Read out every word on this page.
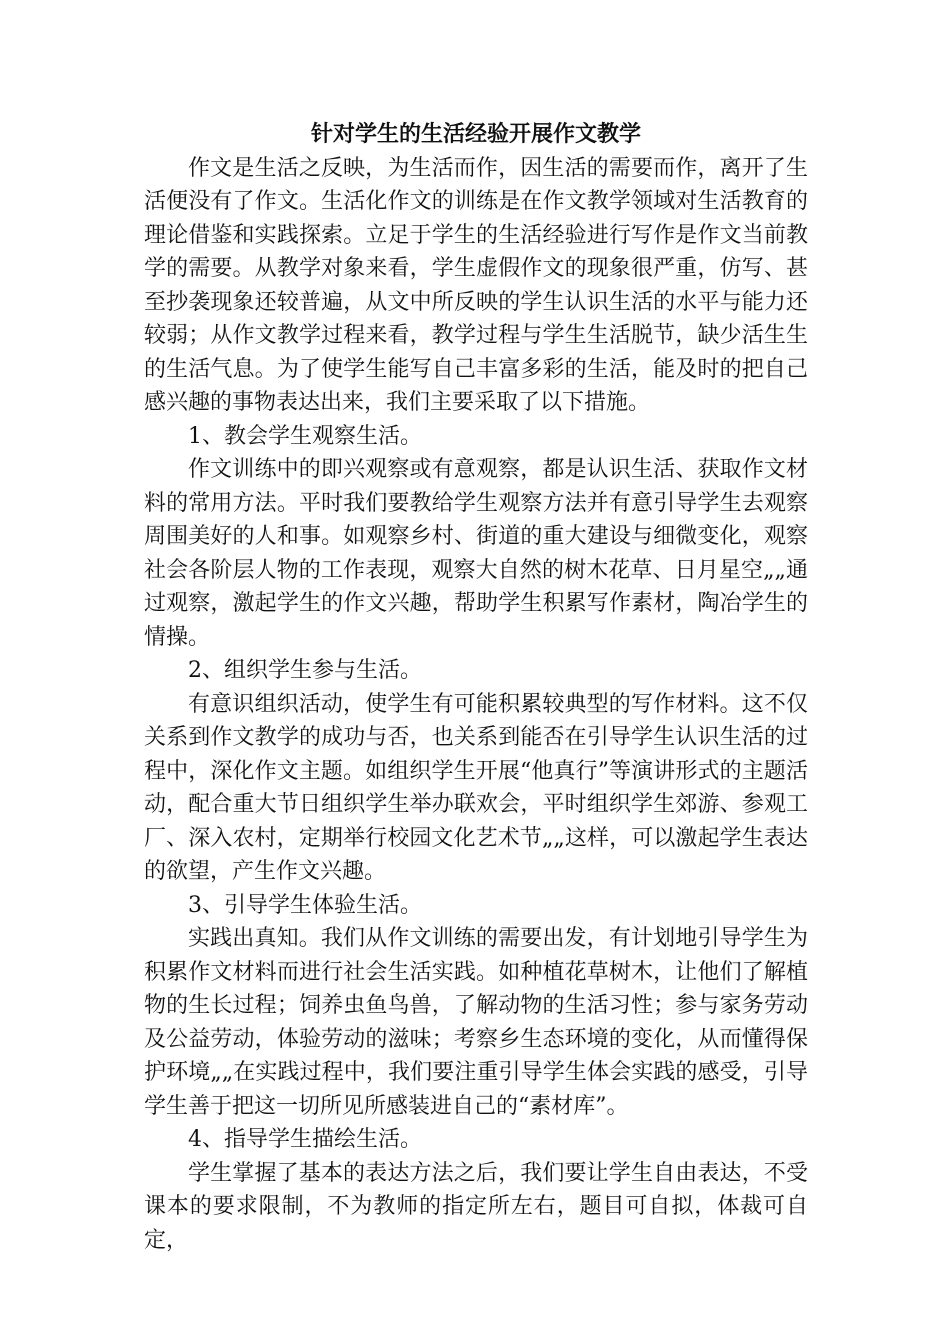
针对学生的生活经验开展作文教学

作文是生活之反映，为生活而作，因生活的需要而作，离开了生活便没有了作文。生活化作文的训练是在作文教学领域对生活教育的理论借鉴和实践探索。立足于学生的生活经验进行写作是作文当前教学的需要。从教学对象来看，学生虚假作文的现象很严重，仿写、甚至抄袭现象还较普遍，从文中所反映的学生认识生活的水平与能力还较弱；从作文教学过程来看，教学过程与学生生活脱节，缺少活生生的生活气息。为了使学生能写自己丰富多彩的生活，能及时的把自己感兴趣的事物表达出来，我们主要采取了以下措施。

1、教会学生观察生活。

作文训练中的即兴观察或有意观察，都是认识生活、获取作文材料的常用方法。平时我们要教给学生观察方法并有意引导学生去观察周围美好的人和事。如观察乡村、街道的重大建设与细微变化，观察社会各阶层人物的工作表现，观察大自然的树木花草、日月星空„„通过观察，激起学生的作文兴趣，帮助学生积累写作素材，陶冶学生的情操。

2、组织学生参与生活。

有意识组织活动，使学生有可能积累较典型的写作材料。这不仅关系到作文教学的成功与否，也关系到能否在引导学生认识生活的过程中，深化作文主题。如组织学生开展“他真行”等演讲形式的主题活动，配合重大节日组织学生举办联欢会，平时组织学生郊游、参观工厂、深入农村，定期举行校园文化艺术节„„这样，可以激起学生表达的欲望，产生作文兴趣。

3、引导学生体验生活。

实践出真知。我们从作文训练的需要出发，有计划地引导学生为积累作文材料而进行社会生活实践。如种植花草树木，让他们了解植物的生长过程；饲养虫鱼鸟兽，了解动物的生活习性；参与家务劳动及公益劳动，体验劳动的滋味；考察乡生态环境的变化，从而懂得保护环境„„在实践过程中，我们要注重引导学生体会实践的感受，引导学生善于把这一切所见所感装进自己的“素材库”。

4、指导学生描绘生活。

学生掌握了基本的表达方法之后，我们要让学生自由表达，不受课本的要求限制，不为教师的指定所左右，题目可自拟，体裁可自定，
